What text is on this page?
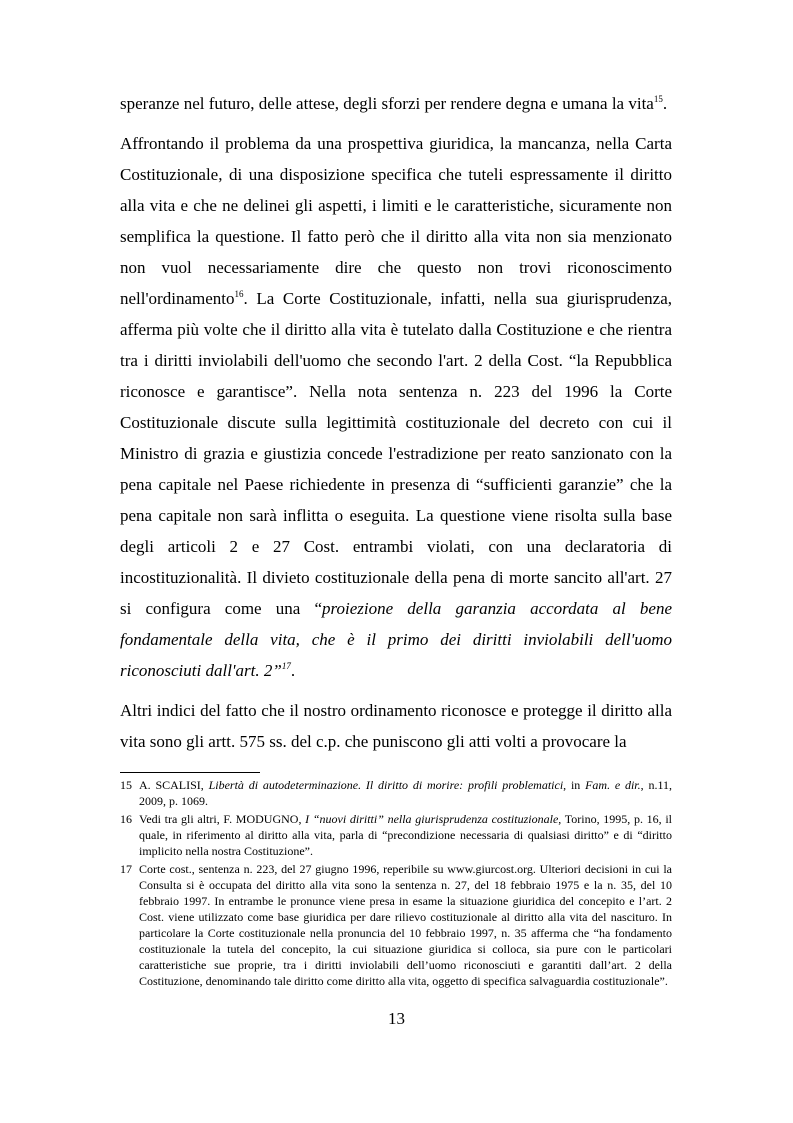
speranze nel futuro, delle attese, degli sforzi per rendere degna e umana la vita$^{15}$.

Affrontando il problema da una prospettiva giuridica, la mancanza, nella Carta Costituzionale, di una disposizione specifica che tuteli espressamente il diritto alla vita e che ne delinei gli aspetti, i limiti e le caratteristiche, sicuramente non semplifica la questione. Il fatto però che il diritto alla vita non sia menzionato non vuol necessariamente dire che questo non trovi riconoscimento nell'ordinamento$^{16}$. La Corte Costituzionale, infatti, nella sua giurisprudenza, afferma più volte che il diritto alla vita è tutelato dalla Costituzione e che rientra tra i diritti inviolabili dell'uomo che secondo l'art. 2 della Cost. “la Repubblica riconosce e garantisce”. Nella nota sentenza n. 223 del 1996 la Corte Costituzionale discute sulla legittimità costituzionale del decreto con cui il Ministro di grazia e giustizia concede l'estradizione per reato sanzionato con la pena capitale nel Paese richiedente in presenza di “sufficienti garanzie” che la pena capitale non sarà inflitta o eseguita. La questione viene risolta sulla base degli articoli 2 e 27 Cost. entrambi violati, con una declaratoria di incostituzionalità. Il divieto costituzionale della pena di morte sancito all'art. 27 si configura come una “proiezione della garanzia accordata al bene fondamentale della vita, che è il primo dei diritti inviolabili dell'uomo riconosciuti dall'art. 2”$^{17}$.

Altri indici del fatto che il nostro ordinamento riconosce e protegge il diritto alla vita sono gli artt. 575 ss. del c.p. che puniscono gli atti volti a provocare la

15 A. SCALISI, Libertà di autodeterminazione. Il diritto di morire: profili problematici, in Fam. e dir., n.11, 2009, p. 1069.
16 Vedi tra gli altri, F. MODUGNO, I “nuovi diritti” nella giurisprudenza costituzionale, Torino, 1995, p. 16, il quale, in riferimento al diritto alla vita, parla di “precondizione necessaria di qualsiasi diritto” e di “diritto implicito nella nostra Costituzione”.
17 Corte cost., sentenza n. 223, del 27 giugno 1996, reperibile su www.giurcost.org. Ulteriori decisioni in cui la Consulta si è occupata del diritto alla vita sono la sentenza n. 27, del 18 febbraio 1975 e la n. 35, del 10 febbraio 1997. In entrambe le pronunce viene presa in esame la situazione giuridica del concepito e l’art. 2 Cost. viene utilizzato come base giuridica per dare rilievo costituzionale al diritto alla vita del nascituro. In particolare la Corte costituzionale nella pronuncia del 10 febbraio 1997, n. 35 afferma che “ha fondamento costituzionale la tutela del concepito, la cui situazione giuridica si colloca, sia pure con le particolari caratteristiche sue proprie, tra i diritti inviolabili dell’uomo riconosciuti e garantiti dall’art. 2 della Costituzione, denominando tale diritto come diritto alla vita, oggetto di specifica salvaguardia costituzionale”.
13
